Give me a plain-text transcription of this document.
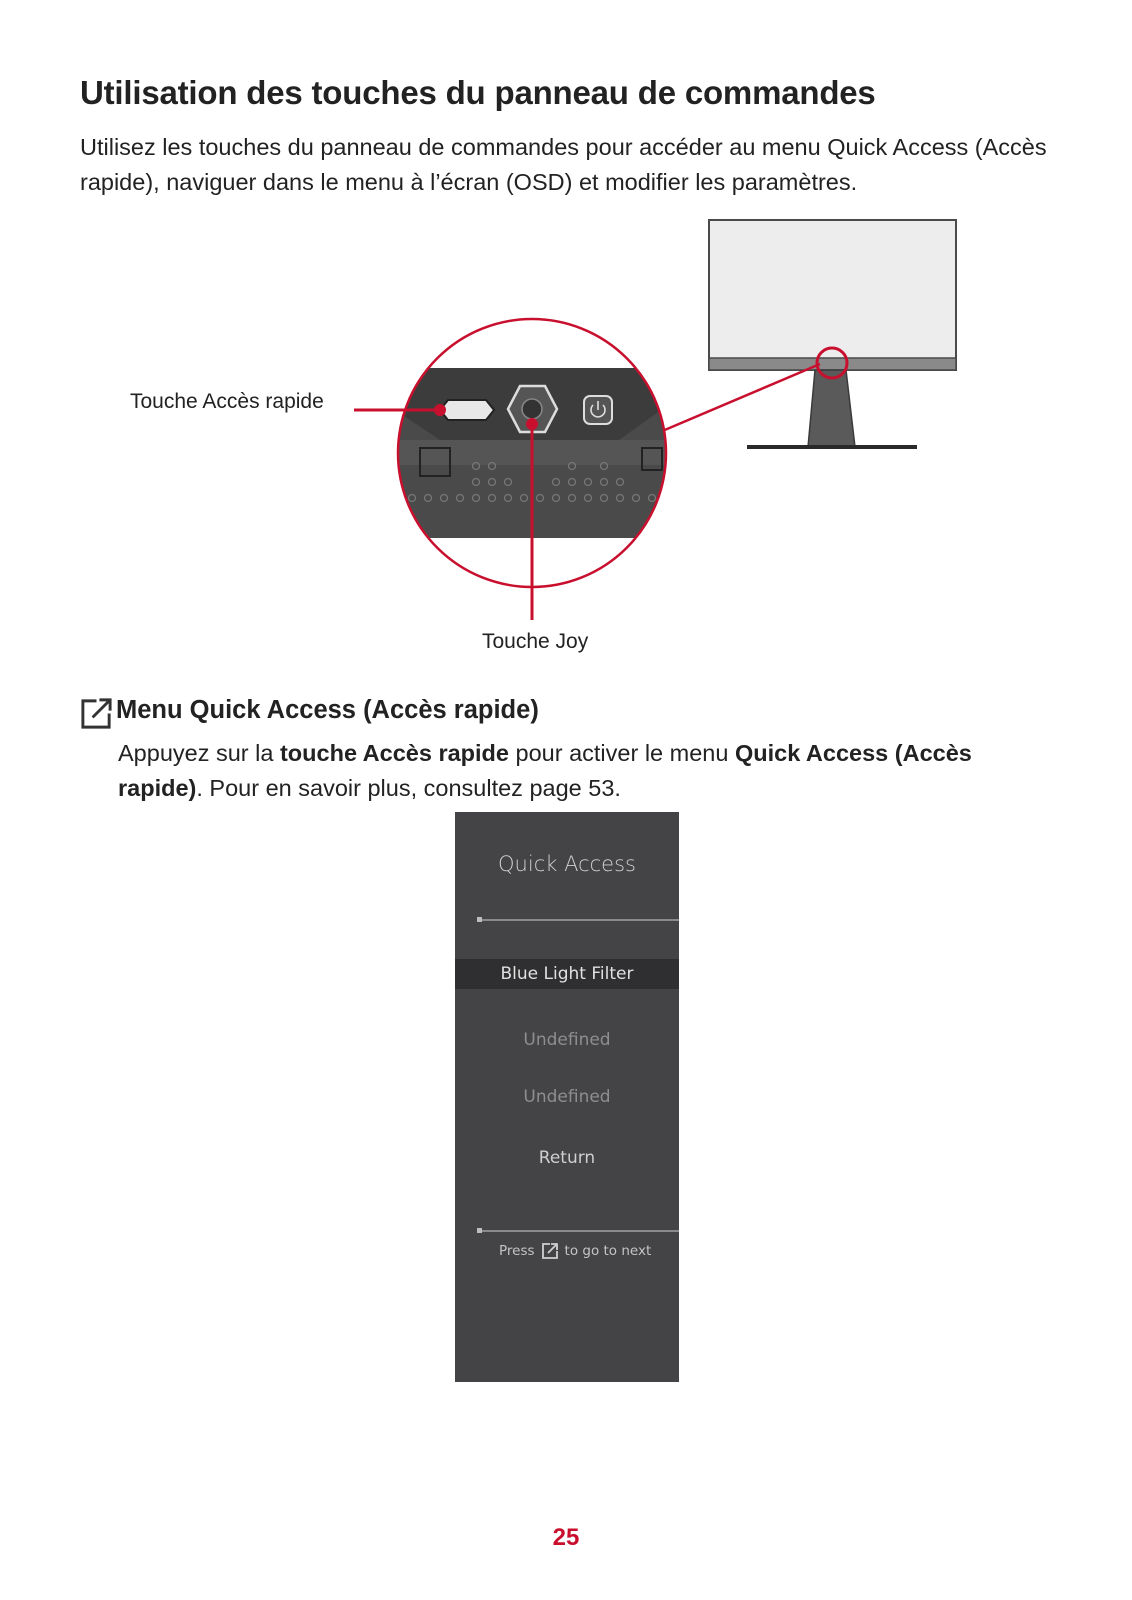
Utilisation des touches du panneau de commandes

Utilisez les touches du panneau de commandes pour accéder au menu Quick Access (Accès rapide), naviguer dans le menu à l’écran (OSD) et modifier les paramètres.

Touche Accès rapide
Touche Joy
Menu Quick Access (Accès rapide)

Appuyez sur la touche Accès rapide pour activer le menu Quick Access (Accès rapide). Pour en savoir plus, consultez page 53.

Quick Access
Blue Light Filter
Undefined
Undefined
Return
Press to go to next
25
